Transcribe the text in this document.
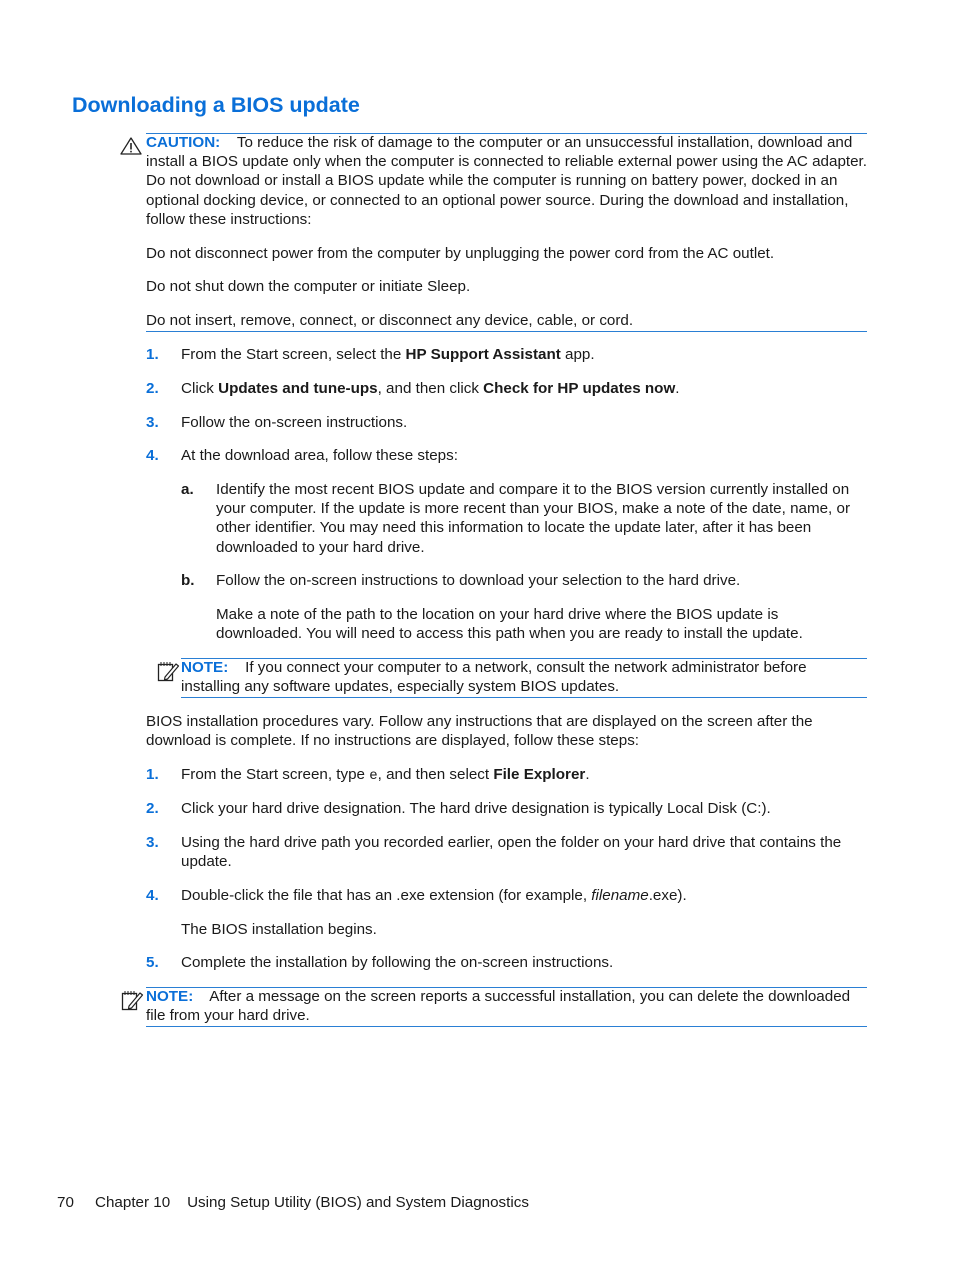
Downloading a BIOS update
CAUTION: To reduce the risk of damage to the computer or an unsuccessful installation, download and install a BIOS update only when the computer is connected to reliable external power using the AC adapter. Do not download or install a BIOS update while the computer is running on battery power, docked in an optional docking device, or connected to an optional power source. During the download and installation, follow these instructions:
Do not disconnect power from the computer by unplugging the power cord from the AC outlet.
Do not shut down the computer or initiate Sleep.
Do not insert, remove, connect, or disconnect any device, cable, or cord.
1. From the Start screen, select the HP Support Assistant app.
2. Click Updates and tune-ups, and then click Check for HP updates now.
3. Follow the on-screen instructions.
4. At the download area, follow these steps:
a. Identify the most recent BIOS update and compare it to the BIOS version currently installed on your computer. If the update is more recent than your BIOS, make a note of the date, name, or other identifier. You may need this information to locate the update later, after it has been downloaded to your hard drive.
b. Follow the on-screen instructions to download your selection to the hard drive.
Make a note of the path to the location on your hard drive where the BIOS update is downloaded. You will need to access this path when you are ready to install the update.
NOTE: If you connect your computer to a network, consult the network administrator before installing any software updates, especially system BIOS updates.
BIOS installation procedures vary. Follow any instructions that are displayed on the screen after the download is complete. If no instructions are displayed, follow these steps:
1. From the Start screen, type e, and then select File Explorer.
2. Click your hard drive designation. The hard drive designation is typically Local Disk (C:).
3. Using the hard drive path you recorded earlier, open the folder on your hard drive that contains the update.
4. Double-click the file that has an .exe extension (for example, filename.exe).
The BIOS installation begins.
5. Complete the installation by following the on-screen instructions.
NOTE: After a message on the screen reports a successful installation, you can delete the downloaded file from your hard drive.
70 Chapter 10 Using Setup Utility (BIOS) and System Diagnostics
